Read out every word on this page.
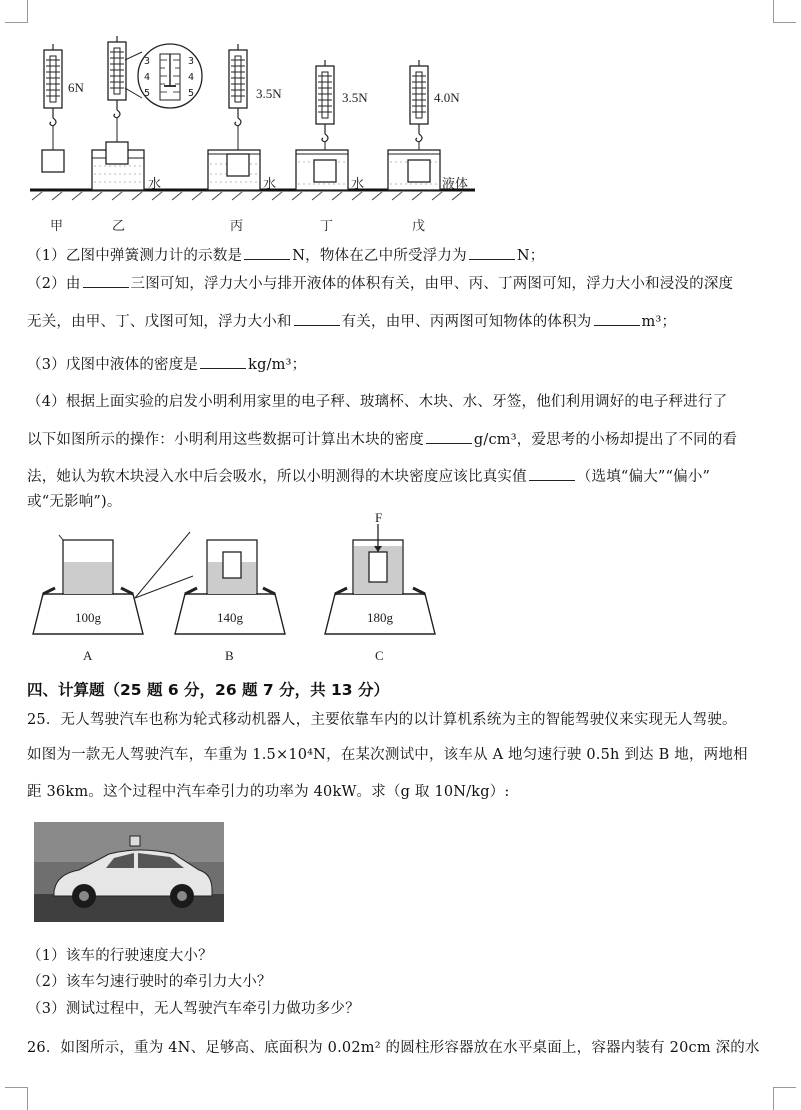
6N
水
3
4
5
3
4
5	3.5N
水
3.5N
水
4.0N
液体
甲	乙	丙	丁	戊
（1）乙图中弹簧测力计的示数是	N，物体在乙中所受浮力为	N；
（2）由	三图可知，浮力大小与排开液体的体积有关，由甲、丙、丁两图可知，浮力大小和浸没的深度
无关，由甲、丁、戊图可知，浮力大小和	有关，由甲、丙两图可知物体的体积为	m³；
（3）戊图中液体的密度是	kg/m³；
（4）根据上面实验的启发小明利用家里的电子秤、玻璃杯、木块、水、牙签，他们利用调好的电子秤进行了
以下如图所示的操作：小明利用这些数据可计算出木块的密度	g/cm³，爱思考的小杨却提出了不同的看
法，她认为软木块浸入水中后会吸水，所以小明测得的木块密度应该比真实值	（选填“偏大”“偏小”
或“无影响”)。
100g
A
140g
B
F
180g
C
四、计算题（25 题 6 分，26 题 7 分，共 13 分）
25．无人驾驶汽车也称为轮式移动机器人，主要依靠车内的以计算机系统为主的智能驾驶仪来实现无人驾驶。
如图为一款无人驾驶汽车，车重为 1.5×10⁴N，在某次测试中，该车从 A 地匀速行驶 0.5h 到达 B 地，两地相
距 36km。这个过程中汽车牵引力的功率为 40kW。求（g 取 10N/kg）:
（1）该车的行驶速度大小？
（2）该车匀速行驶时的牵引力大小？
（3）测试过程中，无人驾驶汽车牵引力做功多少？
26．如图所示，重为 4N、足够高、底面积为 0.02m² 的圆柱形容器放在水平桌面上，容器内装有 20cm 深的水
